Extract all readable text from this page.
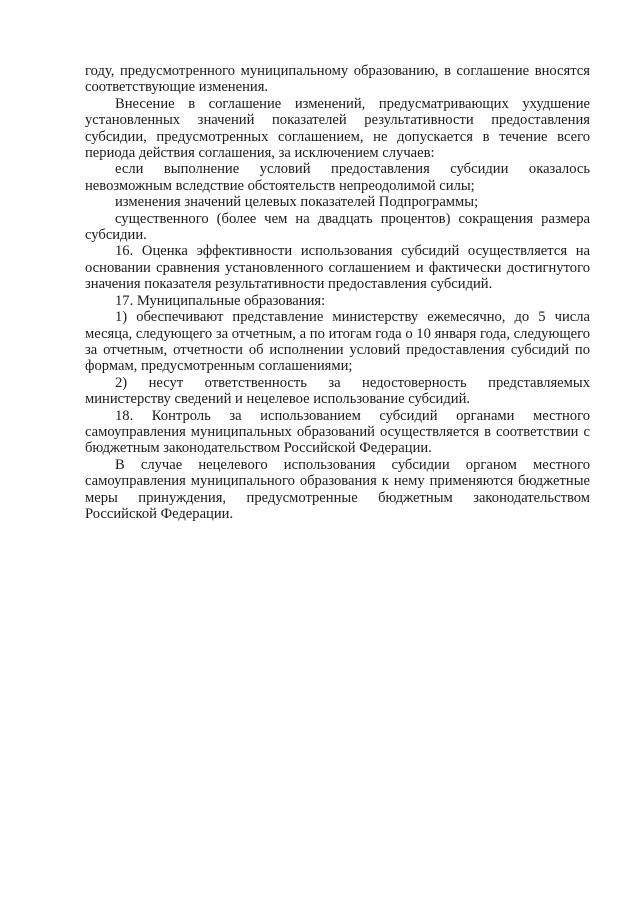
году, предусмотренного муниципальному образованию, в соглашение вносятся соответствующие изменения.

Внесение в соглашение изменений, предусматривающих ухудшение установленных значений показателей результативности предоставления субсидии, предусмотренных соглашением, не допускается в течение всего периода действия соглашения, за исключением случаев:

если выполнение условий предоставления субсидии оказалось невозможным вследствие обстоятельств непреодолимой силы;

изменения значений целевых показателей Подпрограммы;

существенного (более чем на двадцать процентов) сокращения размера субсидии.

16. Оценка эффективности использования субсидий осуществляется на основании сравнения установленного соглашением и фактически достигнутого значения показателя результативности предоставления субсидий.

17. Муниципальные образования:

1) обеспечивают представление министерству ежемесячно, до 5 числа месяца, следующего за отчетным, а по итогам года о 10 января года, следующего за отчетным, отчетности об исполнении условий предоставления субсидий по формам, предусмотренным соглашениями;

2) несут ответственность за недостоверность представляемых министерству сведений и нецелевое использование субсидий.

18. Контроль за использованием субсидий органами местного самоуправления муниципальных образований осуществляется в соответствии с бюджетным законодательством Российской Федерации.

В случае нецелевого использования субсидии органом местного самоуправления муниципального образования к нему применяются бюджетные меры принуждения, предусмотренные бюджетным законодательством Российской Федерации.
